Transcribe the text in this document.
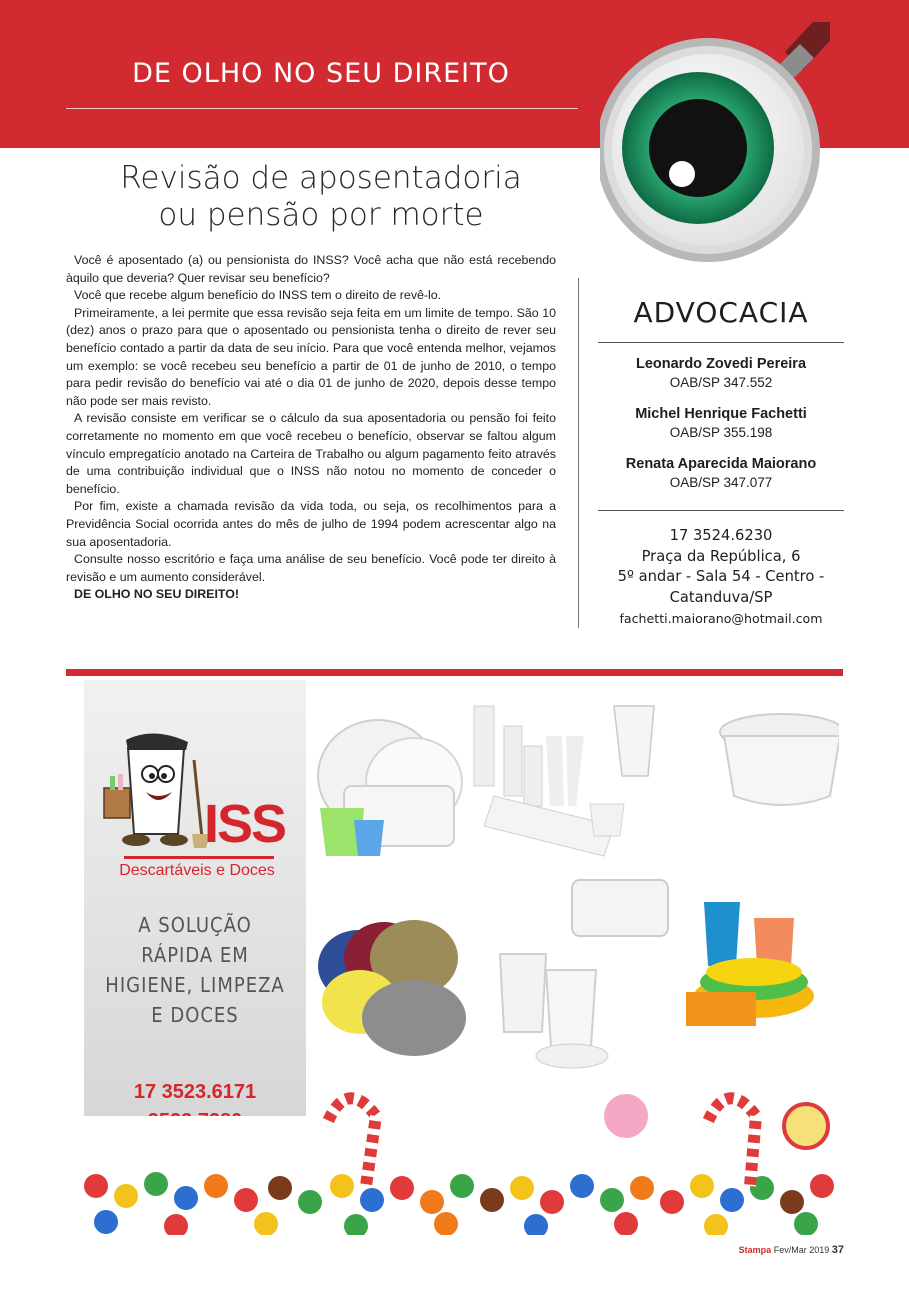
DE OLHO NO SEU DIREITO
Revisão de aposentadoria
ou pensão por morte

Você é aposentado (a) ou pensionista do INSS? Você acha que não está recebendo àquilo que deveria? Quer revisar seu benefício?

Você que recebe algum benefício do INSS tem o direito de revê-lo.

Primeiramente, a lei permite que essa revisão seja feita em um limite de tempo. São 10 (dez) anos o prazo para que o aposentado ou pensionista tenha o direito de rever seu benefício contado a partir da data de seu início. Para que você entenda melhor, vejamos um exemplo: se você recebeu seu benefício a partir de 01 de junho de 2010, o tempo para pedir revisão do benefício vai até o dia 01 de junho de 2020, depois desse tempo não pode ser mais revisto.

A revisão consiste em verificar se o cálculo da sua aposentadoria ou pensão foi feito corretamente no momento em que você recebeu o benefício, observar se faltou algum vínculo empregatício anotado na Carteira de Trabalho ou algum pagamento feito através de uma contribuição individual que o INSS não notou no momento de conceder o benefício.

Por fim, existe a chamada revisão da vida toda, ou seja, os recolhimentos para a Previdência Social ocorrida antes do mês de julho de 1994 podem acrescentar algo na sua aposentadoria.

Consulte nosso escritório e faça uma análise de seu benefício. Você pode ter direito à revisão e um aumento considerável.

DE OLHO NO SEU DIREITO!

ADVOCACIA
Leonardo Zovedi Pereira
OAB/SP 347.552
Michel Henrique Fachetti
OAB/SP 355.198
Renata Aparecida Maiorano
OAB/SP 347.077
17 3524.6230
Praça da República, 6
5º andar - Sala 54 - Centro -
Catanduva/SP
fachetti.maiorano@hotmail.com
ISS
Descartáveis e Doces
A SOLUÇÃO
RÁPIDA EM
HIGIENE, LIMPEZA
E DOCES
17 3523.6171
Stampa Fev/Mar 2019 37
